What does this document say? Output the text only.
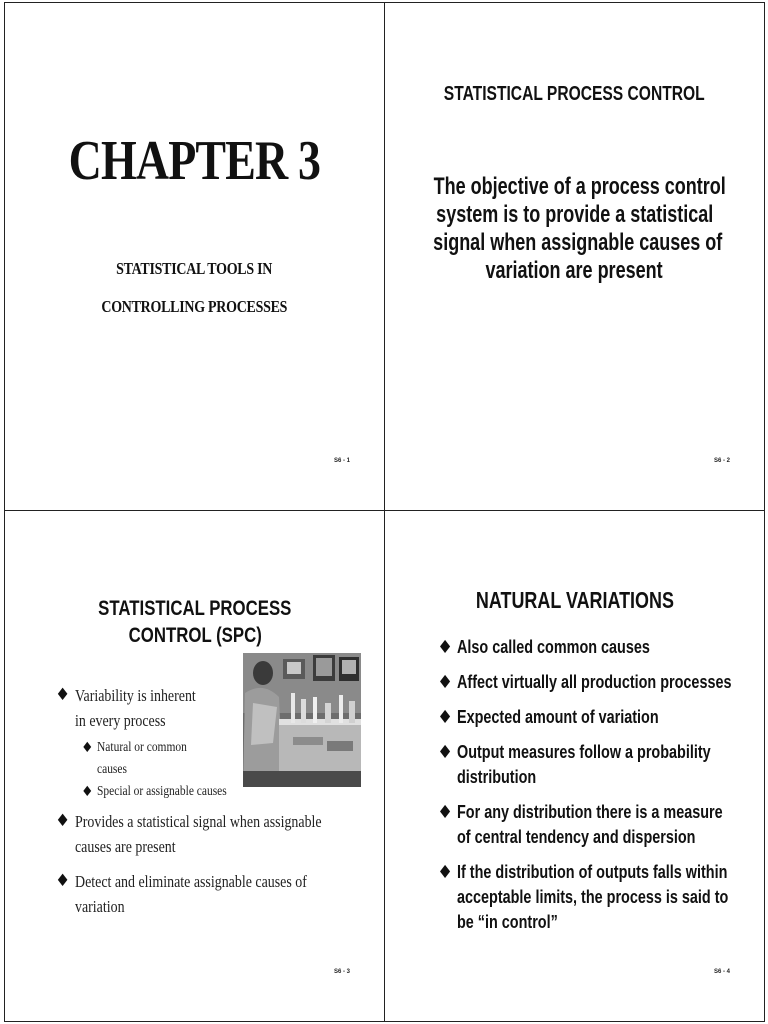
CHAPTER 3
STATISTICAL TOOLS IN
CONTROLLING PROCESSES
S6 - 1
STATISTICAL PROCESS CONTROL
The objective of a process control
system is to provide a statistical
signal when assignable causes of
variation are present
S6 - 2
STATISTICAL PROCESS
CONTROL (SPC)
♦ Variability is inherent
in every process
♦ Natural or common
causes
♦ Special or assignable causes
♦ Provides a statistical signal when assignable
causes are present
♦ Detect and eliminate assignable causes of
variation
S6 - 3
NATURAL VARIATIONS
♦ Also called common causes
♦ Affect virtually all production processes
♦ Expected amount of variation
♦ Output measures follow a probability
distribution
♦ For any distribution there is a measure
of central tendency and dispersion
♦ If the distribution of outputs falls within
acceptable limits, the process is said to
be “in control”
S6 - 4
